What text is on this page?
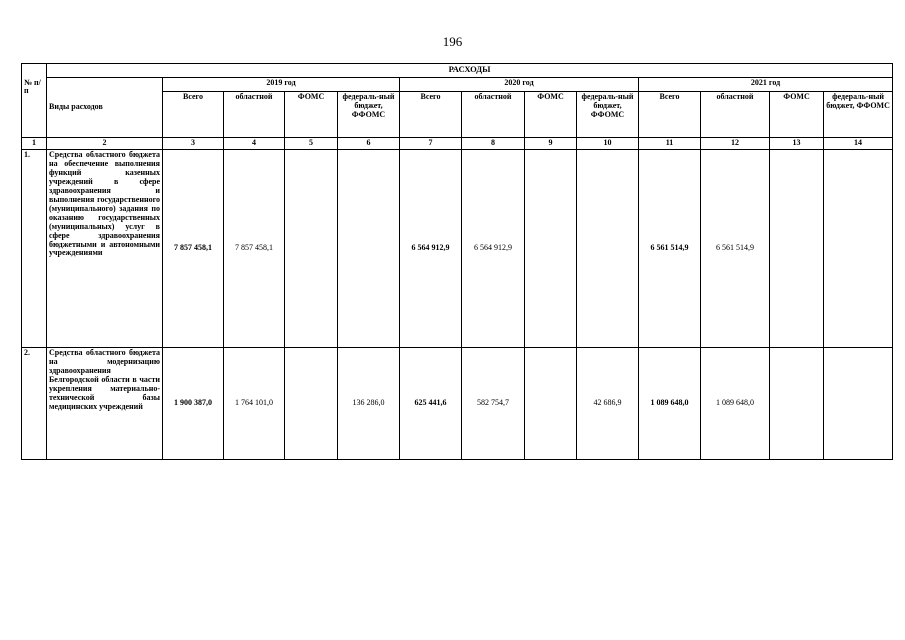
196
	РАСХОДЫ												
№ п/п	Виды расходов	2019 год				2020 год				2021 год			
		Всего	областной	ФОМС	федераль-ный бюджет, ФФОМС	Всего	областной	ФОМС	федераль-ный бюджет, ФФОМС	Всего	областной	ФОМС	федераль-ный бюджет, ФФОМС
1	2	3	4	5	6	7	8	9	10	11	12	13	14
1.	Средства областного бюджета на обеспечение выполнения функций казенных учреждений в сфере здравоохранения и выполнения государственного (муниципального) задания по оказанию государственных (муниципальных) услуг в сфере здравоохранения бюджетными и автономными учреждениями	7 857 458,1	7 857 458,1			6 564 912,9	6 564 912,9			6 561 514,9	6 561 514,9		
2.	Средства областного бюджета на модернизацию здравоохранения Белгородской области в части укрепления материально-технической базы медицинских учреждений	1 900 387,0	1 764 101,0		136 286,0	625 441,6	582 754,7		42 686,9	1 089 648,0	1 089 648,0		
